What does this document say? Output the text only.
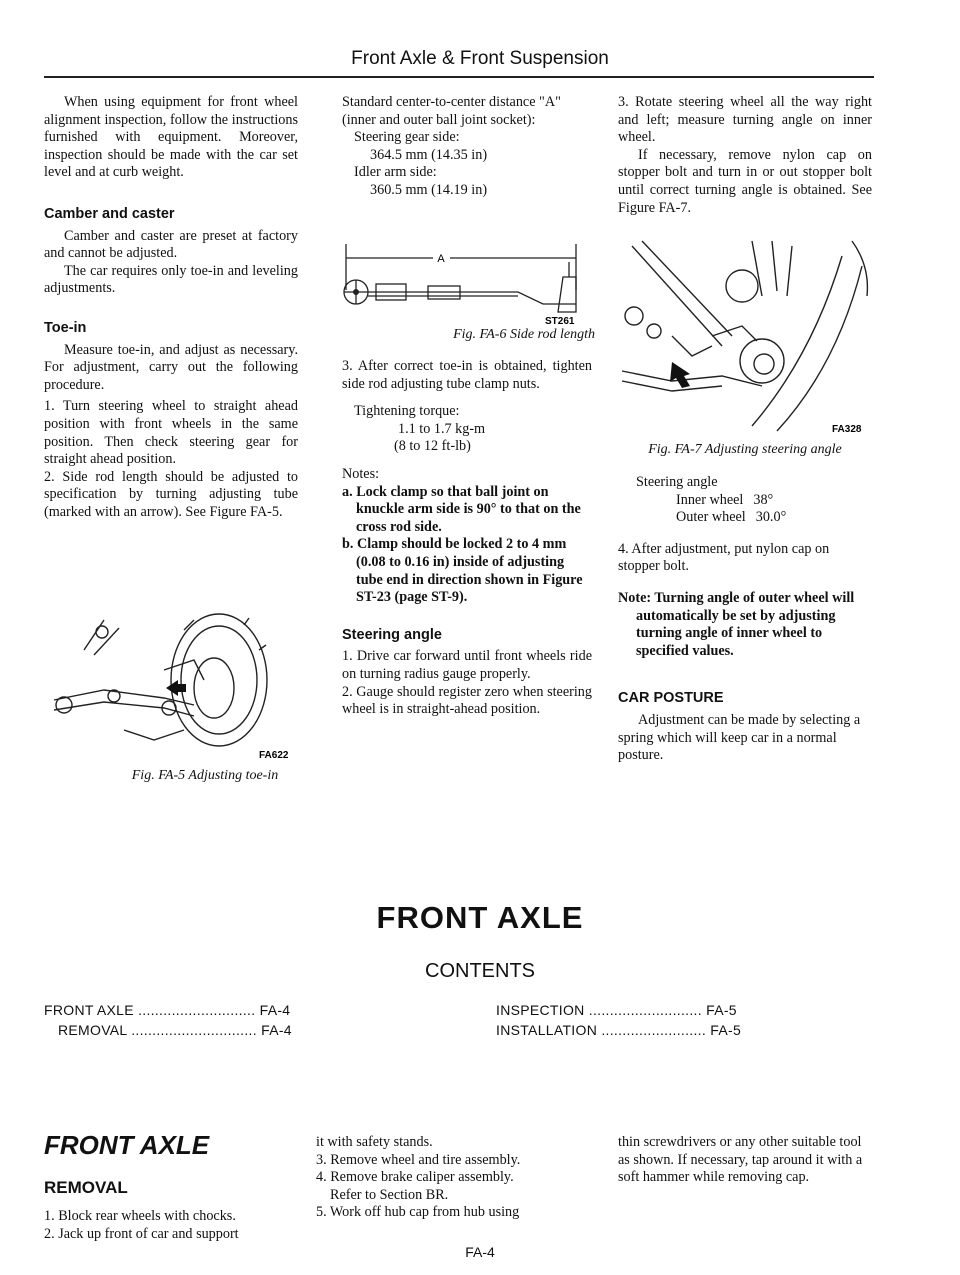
Front Axle & Front Suspension

When using equipment for front wheel alignment inspection, follow the instructions furnished with equipment. Moreover, inspection should be made with the car set level and at curb weight.

Camber and caster

Camber and caster are preset at factory and cannot be adjusted.

The car requires only toe-in and leveling adjustments.

Toe-in

Measure toe-in, and adjust as necessary. For adjustment, carry out the following procedure.

1. Turn steering wheel to straight ahead position with front wheels in the same position. Then check steering gear for straight ahead position.

2. Side rod length should be adjusted to specification by turning adjusting tube (marked with an arrow). See Figure FA-5.

FA622
Fig. FA-5 Adjusting toe-in

Standard center-to-center distance "A" (inner and outer ball joint socket):

Steering gear side:

364.5 mm (14.35 in)

Idler arm side:

360.5 mm (14.19 in)

A
ST261
Fig. FA-6 Side rod length

3. After correct toe-in is obtained, tighten side rod adjusting tube clamp nuts.

Tightening torque:

1.1 to 1.7 kg-m

(8 to 12 ft-lb)

Notes:

a. Lock clamp so that ball joint on knuckle arm side is 90° to that on the cross rod side.

b. Clamp should be locked 2 to 4 mm (0.08 to 0.16 in) inside of adjusting tube end in direction shown in Figure ST-23 (page ST-9).

Steering angle

1. Drive car forward until front wheels ride on turning radius gauge properly.

2. Gauge should register zero when steering wheel is in straight-ahead position.

3. Rotate steering wheel all the way right and left; measure turning angle on inner wheel.

If necessary, remove nylon cap on stopper bolt and turn in or out stopper bolt until correct turning angle is obtained. See Figure FA-7.

FA328
Fig. FA-7 Adjusting steering angle

Steering angle

Inner wheel 38°

Outer wheel 30.0°

4. After adjustment, put nylon cap on stopper bolt.

Note: Turning angle of outer wheel will automatically be set by adjusting turning angle of inner wheel to specified values.

CAR POSTURE

Adjustment can be made by selecting a spring which will keep car in a normal posture.

FRONT AXLE
CONTENTS
FRONT AXLE ............................ FA-4
REMOVAL .............................. FA-4
INSPECTION ........................... FA-5
INSTALLATION ......................... FA-5
FRONT AXLE
REMOVAL

1. Block rear wheels with chocks.

2. Jack up front of car and support

it with safety stands.

3. Remove wheel and tire assembly.

4. Remove brake caliper assembly.

Refer to Section BR.

5. Work off hub cap from hub using

thin screwdrivers or any other suitable tool as shown. If necessary, tap around it with a soft hammer while removing cap.

FA-4
